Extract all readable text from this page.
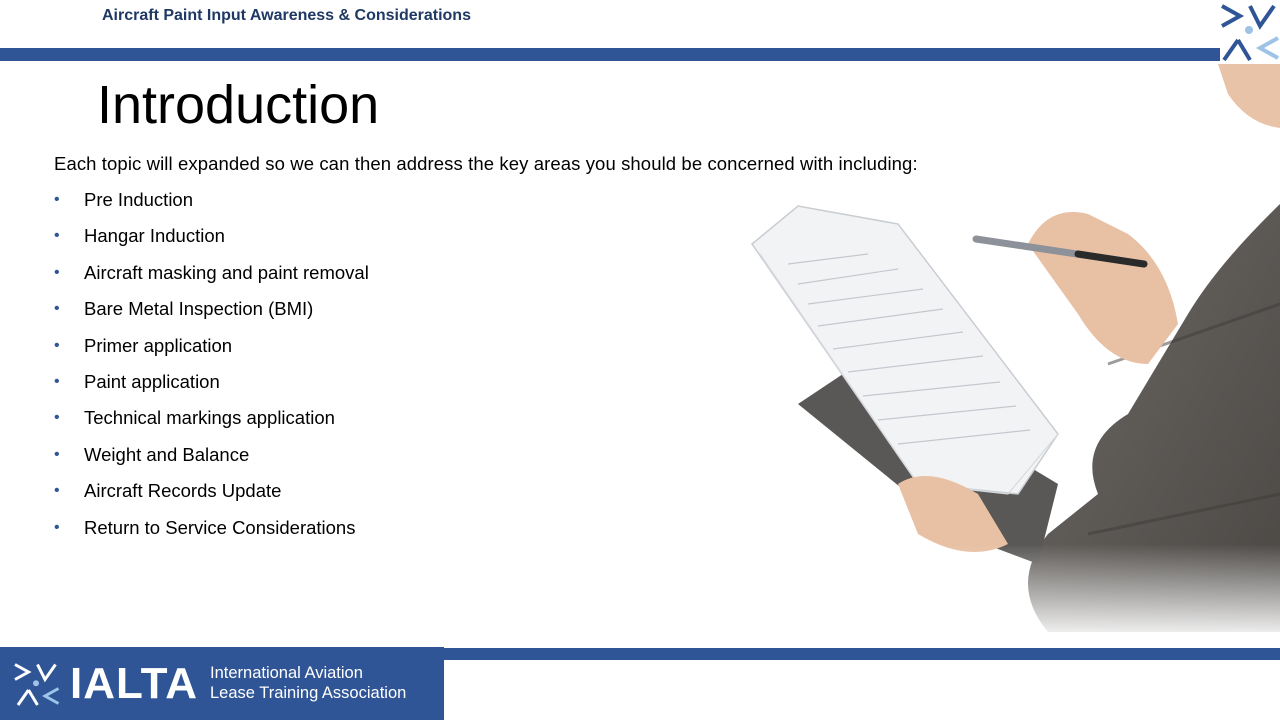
Aircraft Paint Input Awareness & Considerations
Introduction
Each topic will expanded so we can then address the key areas you should be concerned with including:
•	Pre Induction
•	Hangar Induction
•	Aircraft masking and paint removal
•	Bare Metal Inspection (BMI)
•	Primer application
•	Paint application
•	Technical markings application
•	Weight and Balance
•	Aircraft Records Update
•	Return to Service Considerations
IALTA International Aviation
Lease Training Association
